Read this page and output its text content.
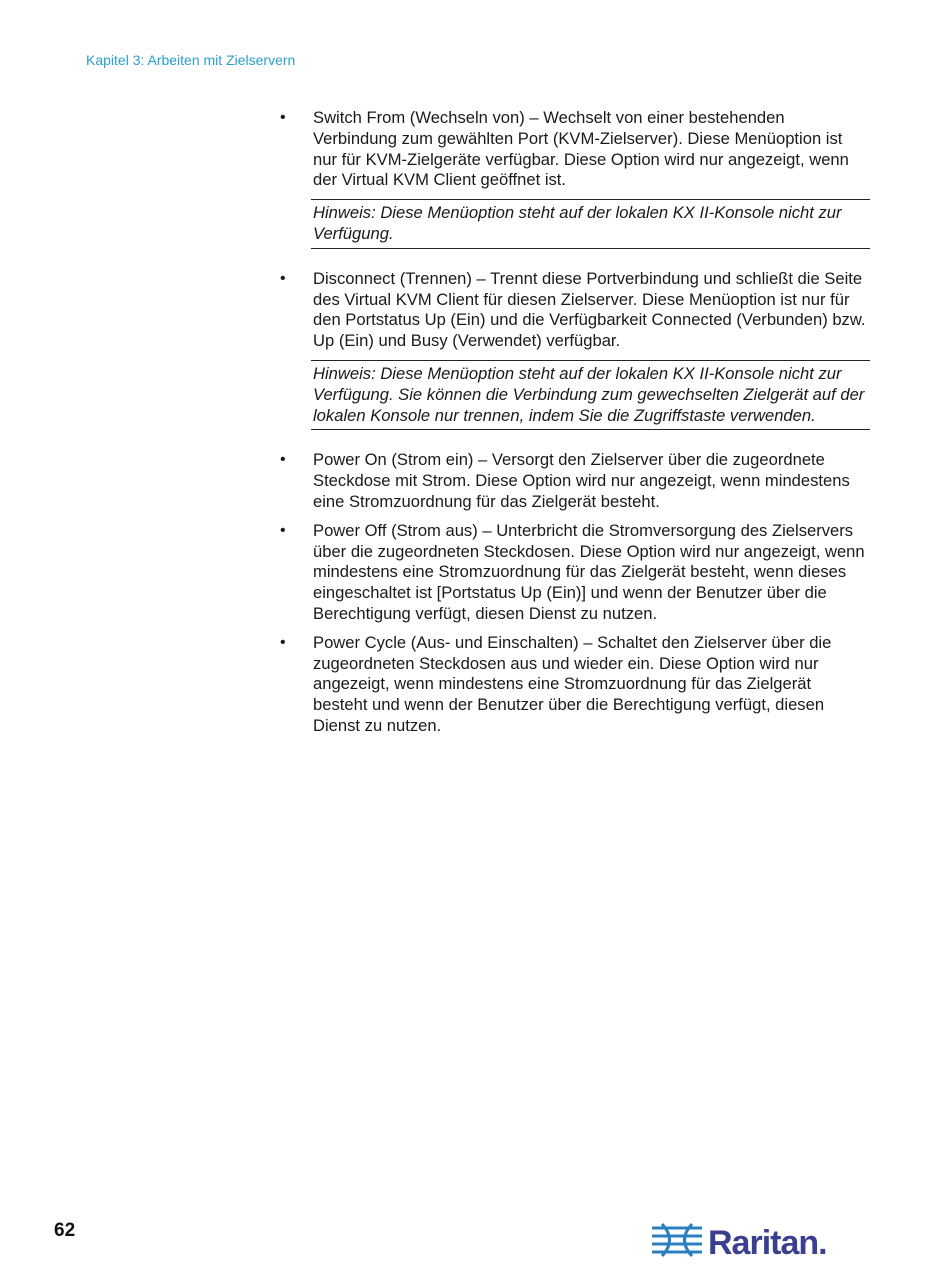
Kapitel 3: Arbeiten mit Zielservern
• Switch From (Wechseln von) – Wechselt von einer bestehenden Verbindung zum gewählten Port (KVM-Zielserver). Diese Menüoption ist nur für KVM-Zielgeräte verfügbar. Diese Option wird nur angezeigt, wenn der Virtual KVM Client geöffnet ist.
Hinweis: Diese Menüoption steht auf der lokalen KX II-Konsole nicht zur Verfügung.
• Disconnect (Trennen) – Trennt diese Portverbindung und schließt die Seite des Virtual KVM Client für diesen Zielserver. Diese Menüoption ist nur für den Portstatus Up (Ein) und die Verfügbarkeit Connected (Verbunden) bzw. Up (Ein) und Busy (Verwendet) verfügbar.
Hinweis: Diese Menüoption steht auf der lokalen KX II-Konsole nicht zur Verfügung. Sie können die Verbindung zum gewechselten Zielgerät auf der lokalen Konsole nur trennen, indem Sie die Zugriffstaste verwenden.
• Power On (Strom ein) – Versorgt den Zielserver über die zugeordnete Steckdose mit Strom. Diese Option wird nur angezeigt, wenn mindestens eine Stromzuordnung für das Zielgerät besteht.
• Power Off (Strom aus) – Unterbricht die Stromversorgung des Zielservers über die zugeordneten Steckdosen. Diese Option wird nur angezeigt, wenn mindestens eine Stromzuordnung für das Zielgerät besteht, wenn dieses eingeschaltet ist [Portstatus Up (Ein)] und wenn der Benutzer über die Berechtigung verfügt, diesen Dienst zu nutzen.
• Power Cycle (Aus- und Einschalten) – Schaltet den Zielserver über die zugeordneten Steckdosen aus und wieder ein. Diese Option wird nur angezeigt, wenn mindestens eine Stromzuordnung für das Zielgerät besteht und wenn der Benutzer über die Berechtigung verfügt, diesen Dienst zu nutzen.
62	Raritan.
